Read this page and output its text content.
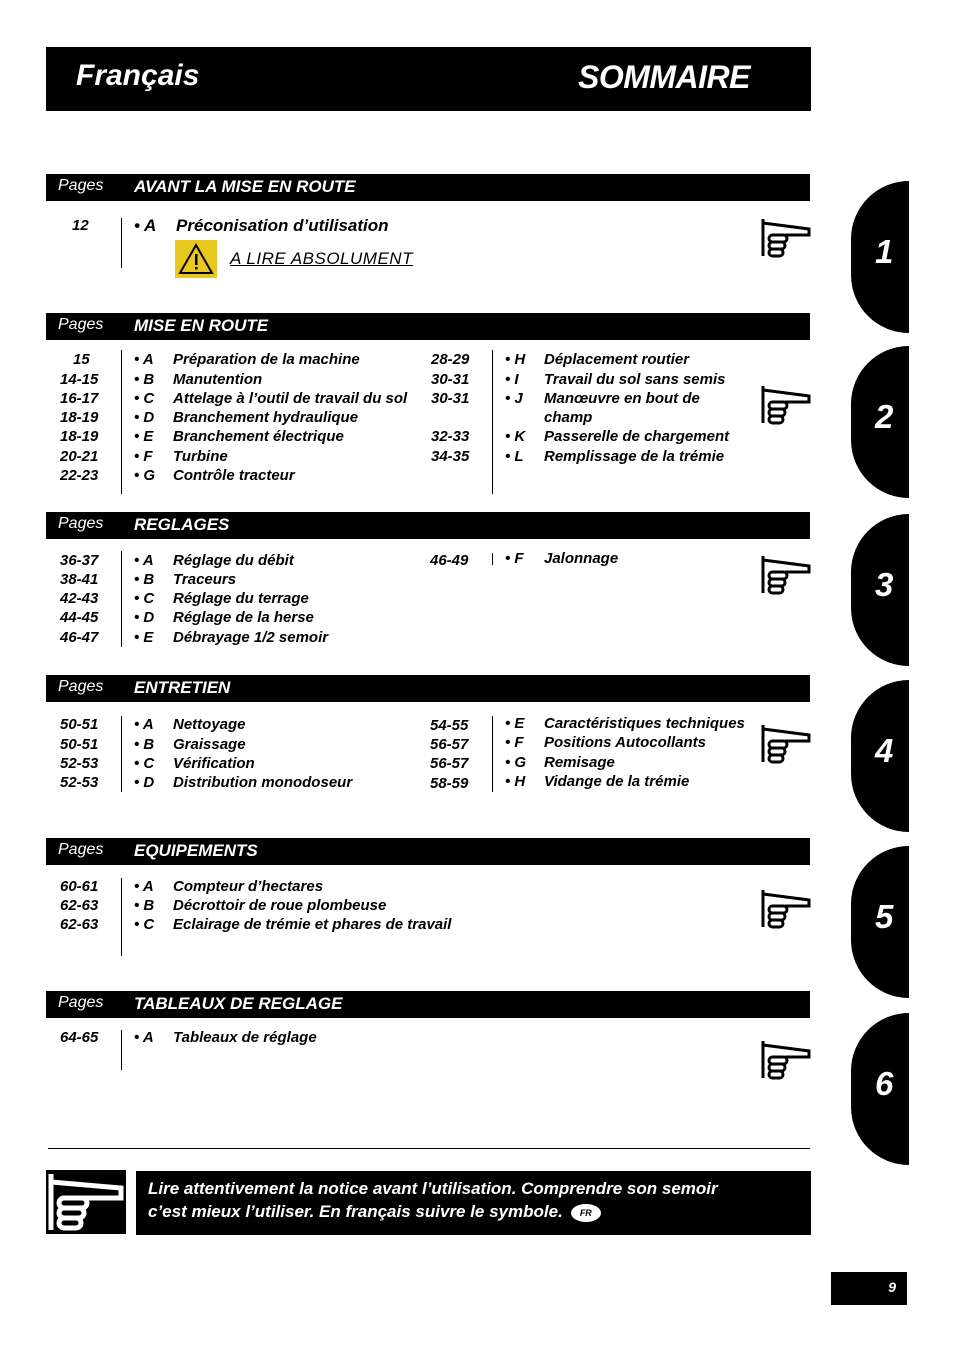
Français	SOMMAIRE
Pages AVANT LA MISE EN ROUTE
12	• A Préconisation d’utilisation
A LIRE ABSOLUMENT
Pages MISE EN ROUTE
15	• A Préparation de la machine
14-15 • B Manutention
16-17 • C Attelage à l’outil de travail du sol
18-19 • D Branchement hydraulique
18-19 • E Branchement électrique
20-21 • F Turbine
22-23 • G Contrôle tracteur
28-29 • H Déplacement routier
30-31 • I Travail du sol sans semis
30-31 • J Manœuvre en bout de
champ
32-33 • K Passerelle de chargement
34-35 • L Remplissage de la trémie
Pages REGLAGES
36-37 • A Réglage du débit
38-41 • B Traceurs
42-43 • C Réglage du terrage
44-45 • D Réglage de la herse
46-47 • E Débrayage 1/2 semoir
46-49 • F Jalonnage
Pages ENTRETIEN
50-51 • A Nettoyage
50-51 • B Graissage
52-53 • C Vérification
52-53 • D Distribution monodoseur
54-55 • E Caractéristiques techniques
56-57 • F Positions Autocollants
56-57 • G Remisage
58-59 • H Vidange de la trémie
Pages EQUIPEMENTS
60-61 • A Compteur d’hectares
62-63 • B Décrottoir de roue plombeuse
62-63 • C Eclairage de trémie et phares de travail
Pages TABLEAUX DE REGLAGE
64-65 • A Tableaux de réglage
1
2
3
4
5
6
Lire attentivement la notice avant l’utilisation. Comprendre son semoir
c’est mieux l’utiliser. En français suivre le symbole. FR
9
